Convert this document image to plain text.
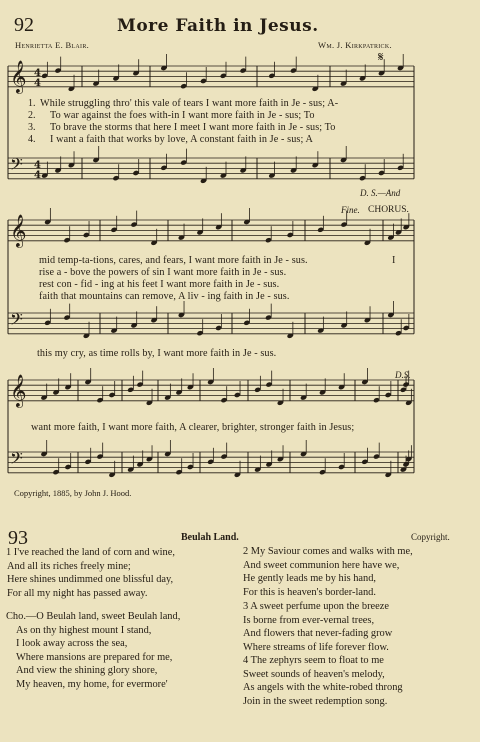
92	More Faith in Jesus.
Henrietta E. Blair.	Wm. J. Kirkpatrick.
𝄋
𝄞
𝄢
4
4
4
4
𝄞
𝄢
𝄞
𝄢
1.
2.
3.
4.
While struggling thro' this vale of tears I want more faith in Je - sus; A-
To war against the foes with-in I want more faith in Je - sus; To
To brave the storms that here I meet I want more faith in Je - sus; To
I want a faith that works by love, A constant faith in Je - sus; A
D. S.—And
Fine. CHORUS.
mid temp-ta-tions, cares, and fears, I want more faith in Je - sus.
rise a - bove the powers of sin I want more faith in Je - sus.
rest con - fid - ing at his feet I want more faith in Je - sus.
faith that mountains can remove, A liv - ing faith in Je - sus.
I
this my cry, as time rolls by, I want more faith in Je - sus.
D.S.
want more faith, I want more faith, A clearer, brighter, stronger faith in Jesus;
Copyright, 1885, by John J. Hood.
93	Beulah Land.	Copyright.
1 I've reached the land of corn and wine,
And all its riches freely mine;
Here shines undimmed one blissful day,
For all my night has passed away.
Cho.—O Beulah land, sweet Beulah land,
As on thy highest mount I stand,
I look away across the sea,
Where mansions are prepared for me,
And view the shining glory shore,
My heaven, my home, for evermore'
2 My Saviour comes and walks with me,
And sweet communion here have we,
He gently leads me by his hand,
For this is heaven's border-land.
3 A sweet perfume upon the breeze
Is borne from ever-vernal trees,
And flowers that never-fading grow
Where streams of life forever flow.
4 The zephyrs seem to float to me
Sweet sounds of heaven's melody,
As angels with the white-robed throng
Join in the sweet redemption song.
